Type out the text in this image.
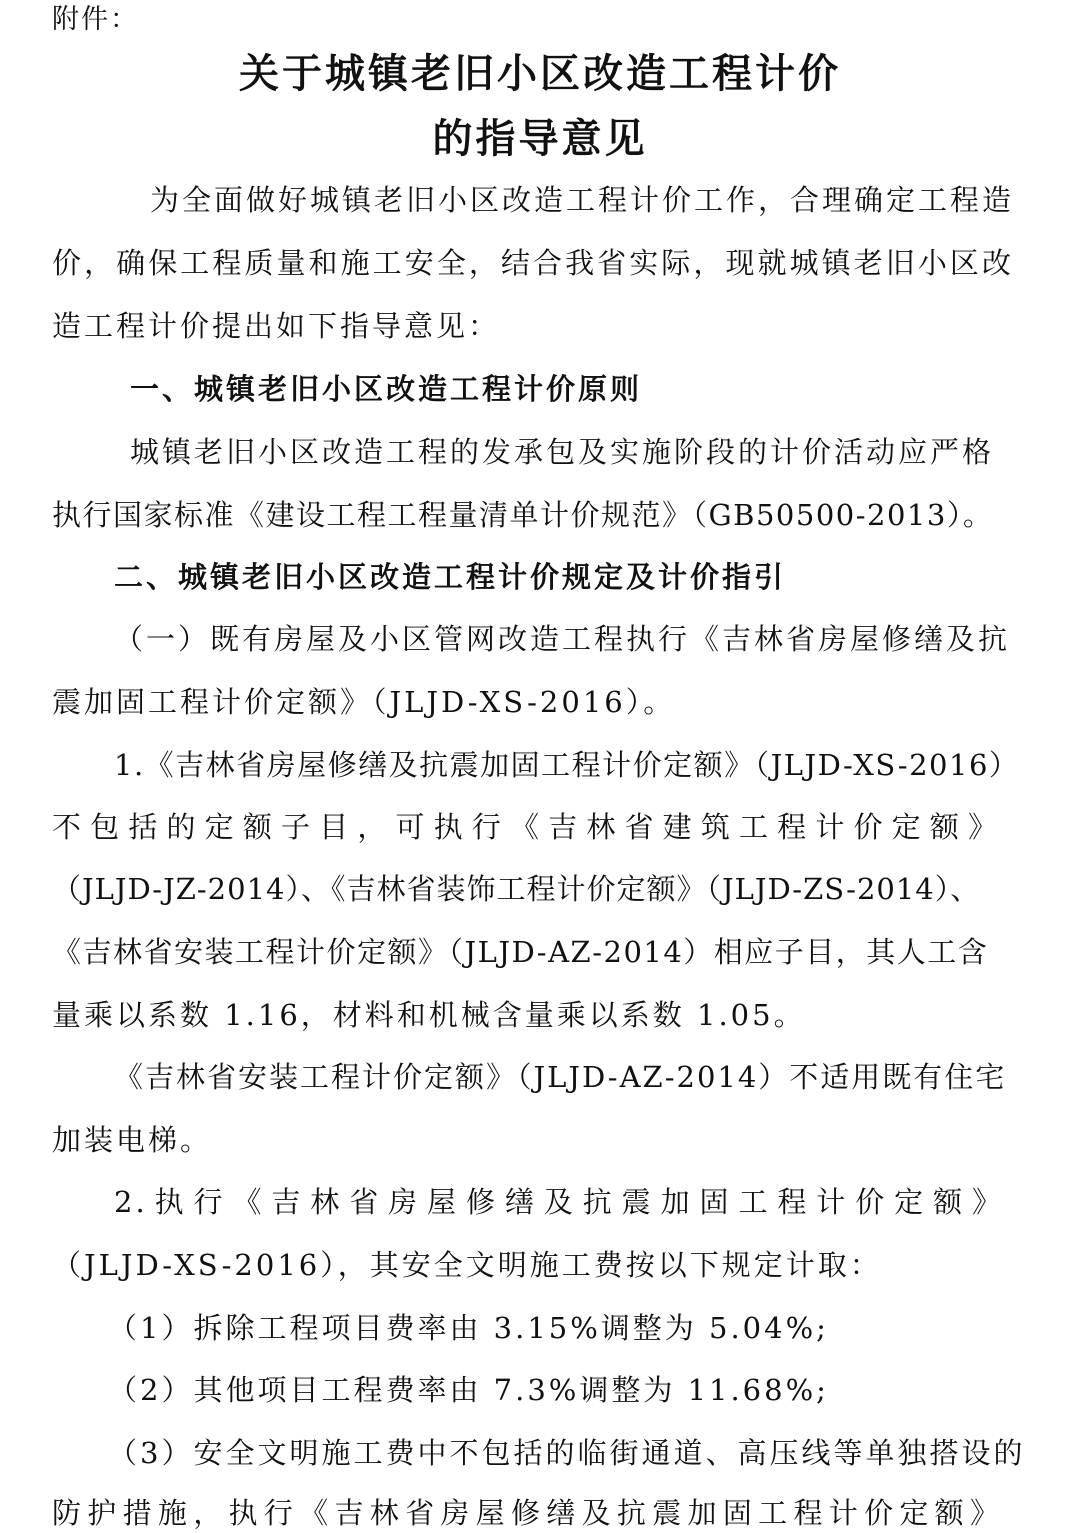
附件：
关于城镇老旧小区改造工程计价
的指导意见
为全面做好城镇老旧小区改造工程计价工作，合理确定工程造
价，确保工程质量和施工安全，结合我省实际，现就城镇老旧小区改
造工程计价提出如下指导意见：
一、城镇老旧小区改造工程计价原则
城镇老旧小区改造工程的发承包及实施阶段的计价活动应严格
执行国家标准《建设工程工程量清单计价规范》（GB50500-2013）。
二、城镇老旧小区改造工程计价规定及计价指引
（一）既有房屋及小区管网改造工程执行《吉林省房屋修缮及抗
震加固工程计价定额》（JLJD-XS-2016）。
1.《吉林省房屋修缮及抗震加固工程计价定额》（JLJD-XS-2016）
不包括的定额子目，可执行《吉林省建筑工程计价定额》
（JLJD-JZ-2014）、《吉林省装饰工程计价定额》（JLJD-ZS-2014）、
《吉林省安装工程计价定额》（JLJD-AZ-2014）相应子目，其人工含
量乘以系数 1.16，材料和机械含量乘以系数 1.05。
《吉林省安装工程计价定额》（JLJD-AZ-2014）不适用既有住宅
加装电梯。
2.执行《吉林省房屋修缮及抗震加固工程计价定额》
（JLJD-XS-2016），其安全文明施工费按以下规定计取：
（1）拆除工程项目费率由 3.15%调整为 5.04%;
（2）其他项目工程费率由 7.3%调整为 11.68%;
（3）安全文明施工费中不包括的临街通道、高压线等单独搭设的
防护措施，执行《吉林省房屋修缮及抗震加固工程计价定额》
